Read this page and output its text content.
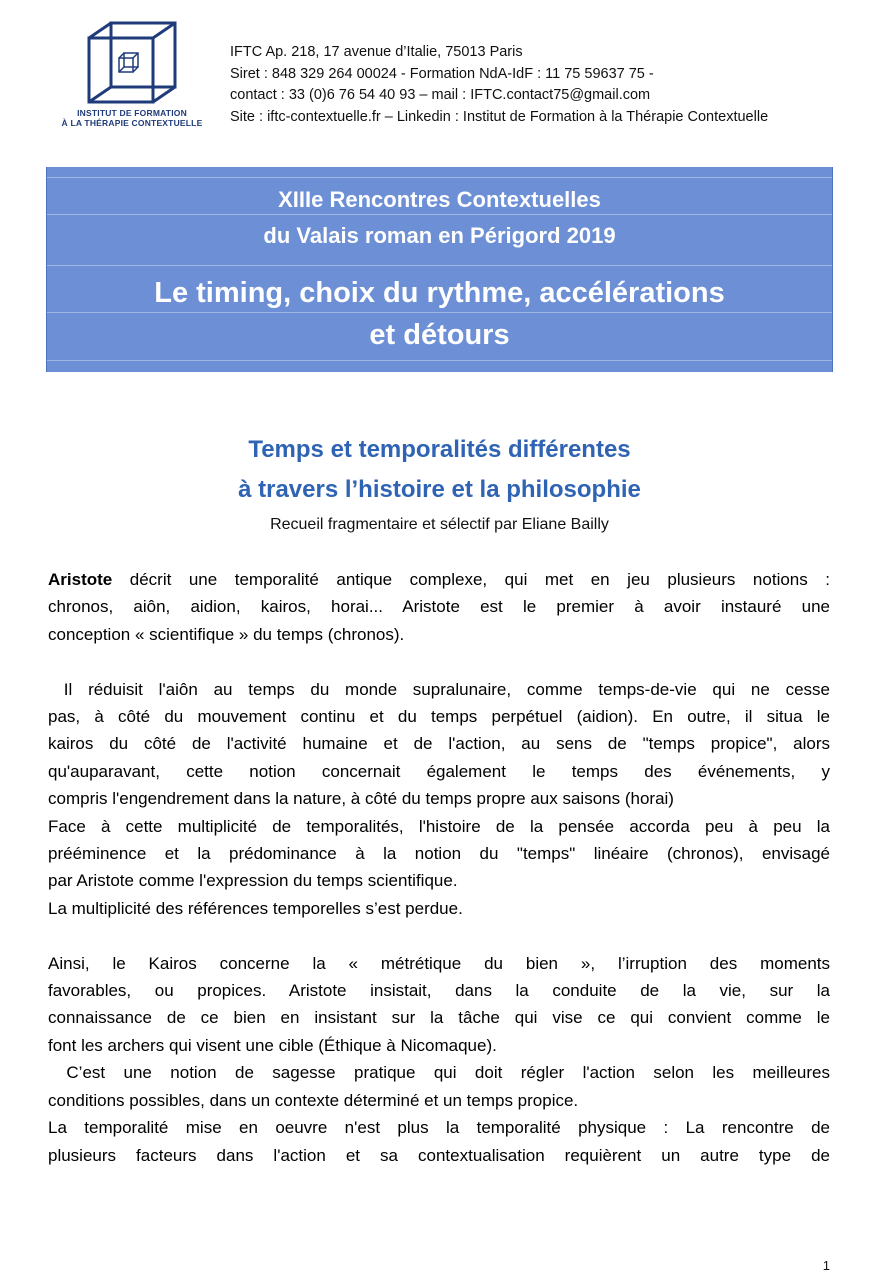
INSTITUT DE FORMATION
À LA THÉRAPIE CONTEXTUELLE
IFTC Ap. 218, 17 avenue d’Italie, 75013 Paris
Siret : 848 329 264 00024 - Formation NdA-IdF : 11 75 59637 75 -
contact : 33 (0)6 76 54 40 93 – mail : IFTC.contact75@gmail.com
Site : iftc-contextuelle.fr – Linkedin : Institut de Formation à la Thérapie Contextuelle
XIIIe Rencontres Contextuelles
du Valais roman en Périgord 2019
Le timing, choix du rythme, accélérations
et détours
Temps et temporalités différentes
à travers l’histoire et la philosophie
Recueil fragmentaire et sélectif par Eliane Bailly

Aristote décrit une temporalité antique complexe, qui met en jeu plusieurs notions :

chronos, aiôn, aidion, kairos, horai... Aristote est le premier à avoir instauré une

conception « scientifique » du temps (chronos).

Il réduisit l'aiôn au temps du monde supralunaire, comme temps-de-vie qui ne cesse

pas, à côté du mouvement continu et du temps perpétuel (aidion). En outre, il situa le

kairos du côté de l'activité humaine et de l'action, au sens de "temps propice", alors

qu'auparavant, cette notion concernait également le temps des événements, y

compris l'engendrement dans la nature, à côté du temps propre aux saisons (horai)

Face à cette multiplicité de temporalités, l'histoire de la pensée accorda peu à peu la

prééminence et la prédominance à la notion du "temps" linéaire (chronos), envisagé

par Aristote comme l'expression du temps scientifique.

La multiplicité des références temporelles s’est perdue.

Ainsi, le Kairos concerne la « métrétique du bien », l’irruption des moments

favorables, ou propices. Aristote insistait, dans la conduite de la vie, sur la

connaissance de ce bien en insistant sur la tâche qui vise ce qui convient comme le

font les archers qui visent une cible (Éthique à Nicomaque).

C’est une notion de sagesse pratique qui doit régler l'action selon les meilleures

conditions possibles, dans un contexte déterminé et un temps propice.

La temporalité mise en oeuvre n'est plus la temporalité physique : La rencontre de

plusieurs facteurs dans l'action et sa contextualisation requièrent un autre type de

1
